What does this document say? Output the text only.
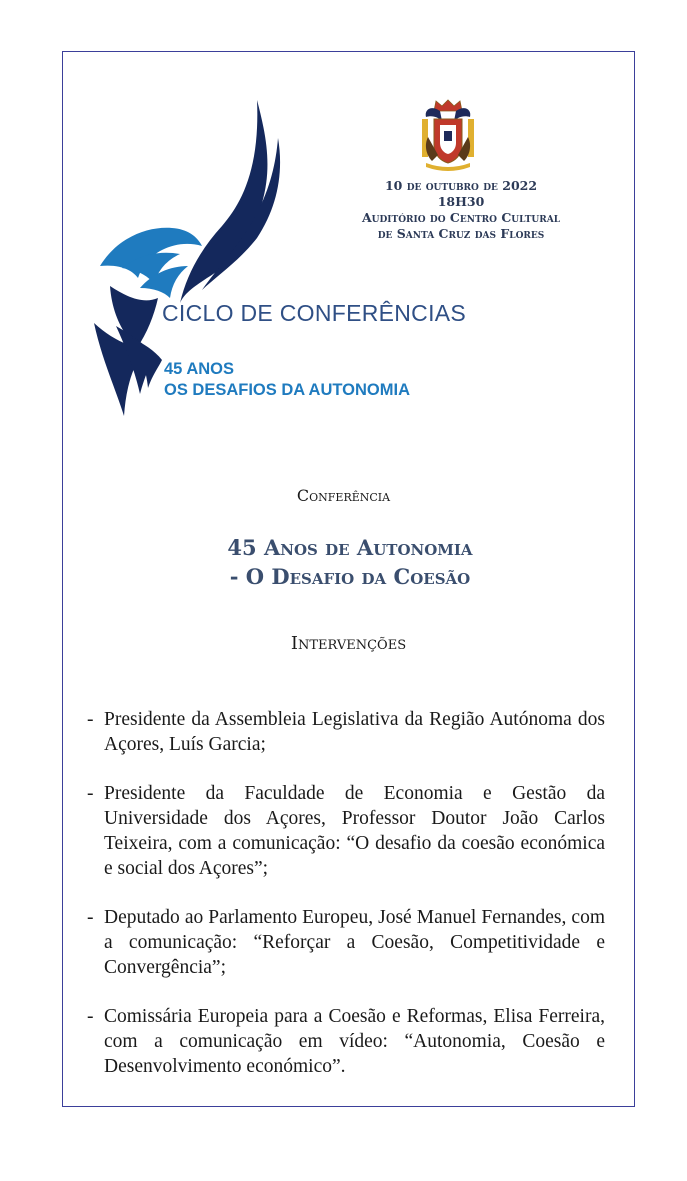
10 de outubro de 2022
18H30
Auditório do Centro Cultural
de Santa Cruz das Flores
CICLO DE CONFERÊNCIAS
45 ANOS
OS DESAFIOS DA AUTONOMIA
Conferência
45 Anos de Autonomia
- O Desafio da Coesão
Intervenções
- Presidente da Assembleia Legislativa da Região Autónoma dos Açores, Luís Garcia;
- Presidente da Faculdade de Economia e Gestão da Universidade dos Açores, Professor Doutor João Carlos Teixeira, com a comunicação: “O desafio da coesão económica e social dos Açores”;
- Deputado ao Parlamento Europeu, José Manuel Fernandes, com a comunicação: “Reforçar a Coesão, Competitividade e Convergência”;
- Comissária Europeia para a Coesão e Reformas, Elisa Ferreira, com a comunicação em vídeo: “Autonomia, Coesão e Desenvolvimento económico”.
